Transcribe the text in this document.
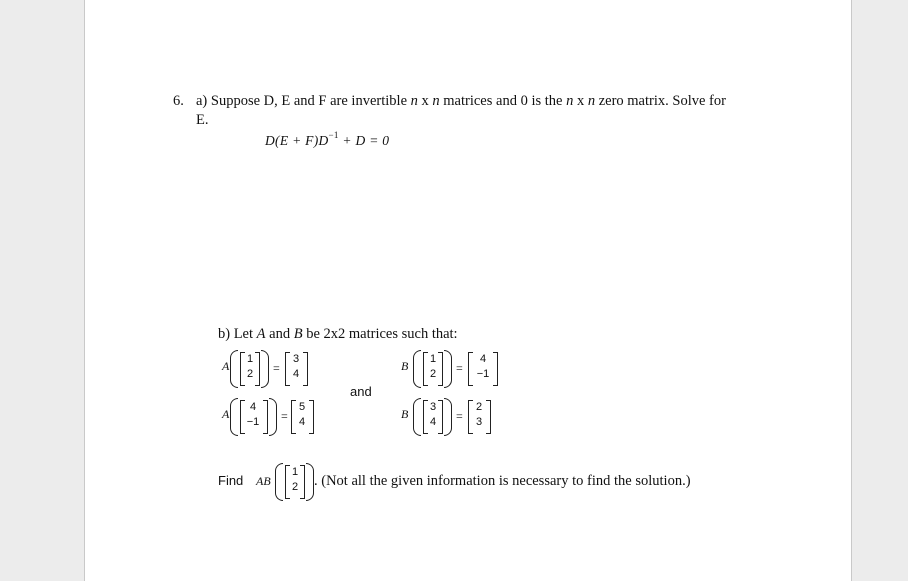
6. a) Suppose D, E and F are invertible n x n matrices and 0 is the n x n zero matrix. Solve for
E.
$D(E + F)D^{-1} + D = 0$
b) Let A and B be 2x2 matrices such that:
A	1
2	=
3
4
B	1
2	=
4
−1
and
A	4
−1	=
5
4
B	3
4	=
2
3
Find AB
1
2	. (Not all the given information is necessary to find the solution.)
